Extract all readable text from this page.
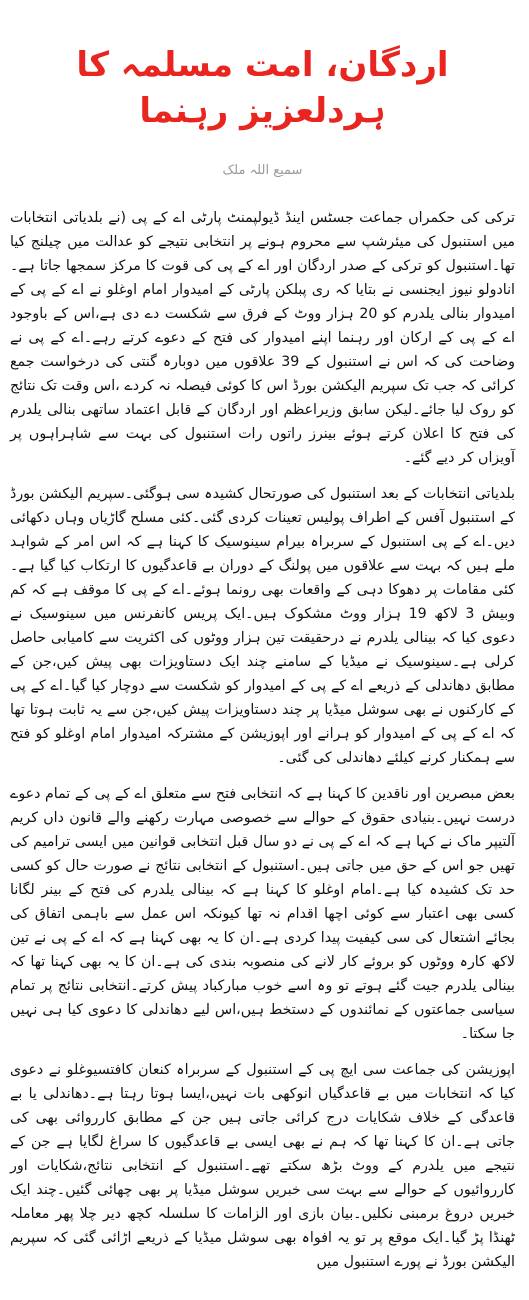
اردگان، امت مسلمہ کا ہردلعزیز رہنما
سمیع اللہ ملک

ترکی کی حکمراں جماعت جسٹس اینڈ ڈیولپمنٹ پارٹی اے کے پی (نے بلدیاتی انتخابات میں استنبول کی میئرشپ سے محروم ہونے پر انتخابی نتیجے کو عدالت میں چیلنج کیا تھا۔استنبول کو ترکی کے صدر اردگان اور اے کے پی کی قوت کا مرکز سمجھا جاتا ہے۔انادولو نیوز ایجنسی نے بتایا کہ ری پبلکن پارٹی کے امیدوار امام اوغلو نے اے کے پی کے امیدوار بنالی یلدرم کو 20 ہزار ووٹ کے فرق سے شکست دے دی ہے،اس کے باوجود اے کے پی کے ارکان اور رہنما اپنے امیدوار کی فتح کے دعوے کرتے رہے۔اے کے پی نے وضاحت کی کہ اس نے استنبول کے 39 علاقوں میں دوبارہ گنتی کی درخواست جمع کرائی کہ جب تک سپریم الیکشن بورڈ اس کا کوئی فیصلہ نہ کردے ،اس وقت تک نتائج کو روک لیا جائے۔لیکن سابق وزیراعظم اور اردگان کے قابل اعتماد ساتھی بنالی یلدرم کی فتح کا اعلان کرتے ہوئے بینرز راتوں رات استنبول کی بہت سے شاہراہوں پر آویزاں کر دیے گئے۔

بلدیاتی انتخابات کے بعد استنبول کی صورتحال کشیدہ سی ہوگئی۔سپریم الیکشن بورڈ کے استنبول آفس کے اطراف پولیس تعینات کردی گئی۔کئی مسلح گاڑیاں وہاں دکھائی دیں۔اے کے پی استنبول کے سربراہ بیرام سینوسیک کا کہنا ہے کہ اس امر کے شواہد ملے ہیں کہ بہت سے علاقوں میں پولنگ کے دوران بے قاعدگیوں کا ارتکاب کیا گیا ہے۔کئی مقامات پر دھوکا دہی کے واقعات بھی رونما ہوئے۔اے کے پی کا موقف ہے کہ کم وبیش 3 لاکھ 19 ہزار ووٹ مشکوک ہیں۔ایک پریس کانفرنس میں سینوسیک نے دعوی کیا کہ بینالی یلدرم نے درحقیقت تین ہزار ووٹوں کی اکثریت سے کامیابی حاصل کرلی ہے۔سینوسیک نے میڈیا کے سامنے چند ایک دستاویزات بھی پیش کیں،جن کے مطابق دھاندلی کے ذریعے اے کے پی کے امیدوار کو شکست سے دوچار کیا گیا۔اے کے پی کے کارکنوں نے بھی سوشل میڈیا پر چند دستاویزات پیش کیں،جن سے یہ ثابت ہوتا تھا کہ اے کے پی کے امیدوار کو ہرانے اور اپوزیشن کے مشترکہ امیدوار امام اوغلو کو فتح سے ہمکنار کرنے کیلئے دھاندلی کی گئی۔

بعض مبصرین اور ناقدین کا کہنا ہے کہ انتخابی فتح سے متعلق اے کے پی کے تمام دعوے درست نہیں۔بنیادی حقوق کے حوالے سے خصوصی مہارت رکھنے والے قانون داں کریم آلتیپر ماک نے کہا ہے کہ اے کے پی نے دو سال قبل انتخابی قوانین میں ایسی ترامیم کی تھیں جو اس کے حق میں جاتی ہیں۔استنبول کے انتخابی نتائج نے صورت حال کو کسی حد تک کشیدہ کیا ہے۔امام اوغلو کا کہنا ہے کہ بینالی یلدرم کی فتح کے بینر لگانا کسی بھی اعتبار سے کوئی اچھا اقدام نہ تھا کیونکہ اس عمل سے باہمی اتفاق کی بجائے اشتعال کی سی کیفیت پیدا کردی ہے۔ان کا یہ بھی کہنا ہے کہ اے کے پی نے تین لاکھ کارہ ووٹوں کو بروئے کار لانے کی منصوبہ بندی کی ہے۔ان کا یہ بھی کہنا تھا کہ بینالی یلدرم جیت گئے ہوتے تو وہ اسے خوب مبارکباد پیش کرتے۔انتخابی نتائج پر تمام سیاسی جماعتوں کے نمائندوں کے دستخط ہیں،اس لیے دھاندلی کا دعوی کیا ہی نہیں جا سکتا۔

اپوزیشن کی جماعت سی ایچ پی کے استنبول کے سربراہ کنعان کافتسیوغلو نے دعوی کیا کہ انتخابات میں بے قاعدگیاں انوکھی بات نہیں،ایسا ہوتا رہتا ہے۔دھاندلی یا بے قاعدگی کے خلاف شکایات درج کرائی جاتی ہیں جن کے مطابق کارروائی بھی کی جاتی ہے۔ان کا کہنا تھا کہ ہم نے بھی ایسی بے قاعدگیوں کا سراغ لگایا ہے جن کے نتیجے میں یلدرم کے ووٹ بڑھ سکتے تھے۔استنبول کے انتخابی نتائج،شکایات اور کارروائیوں کے حوالے سے بہت سی خبریں سوشل میڈیا پر بھی چھائی گئیں۔چند ایک خبریں دروغ برمبنی نکلیں۔بیان بازی اور الزامات کا سلسلہ کچھ دیر چلا پھر معاملہ ٹھنڈا پڑ گیا۔ایک موقع پر تو یہ افواہ بھی سوشل میڈیا کے ذریعے اڑائی گئی کہ سپریم الیکشن بورڈ نے پورے استنبول میں
